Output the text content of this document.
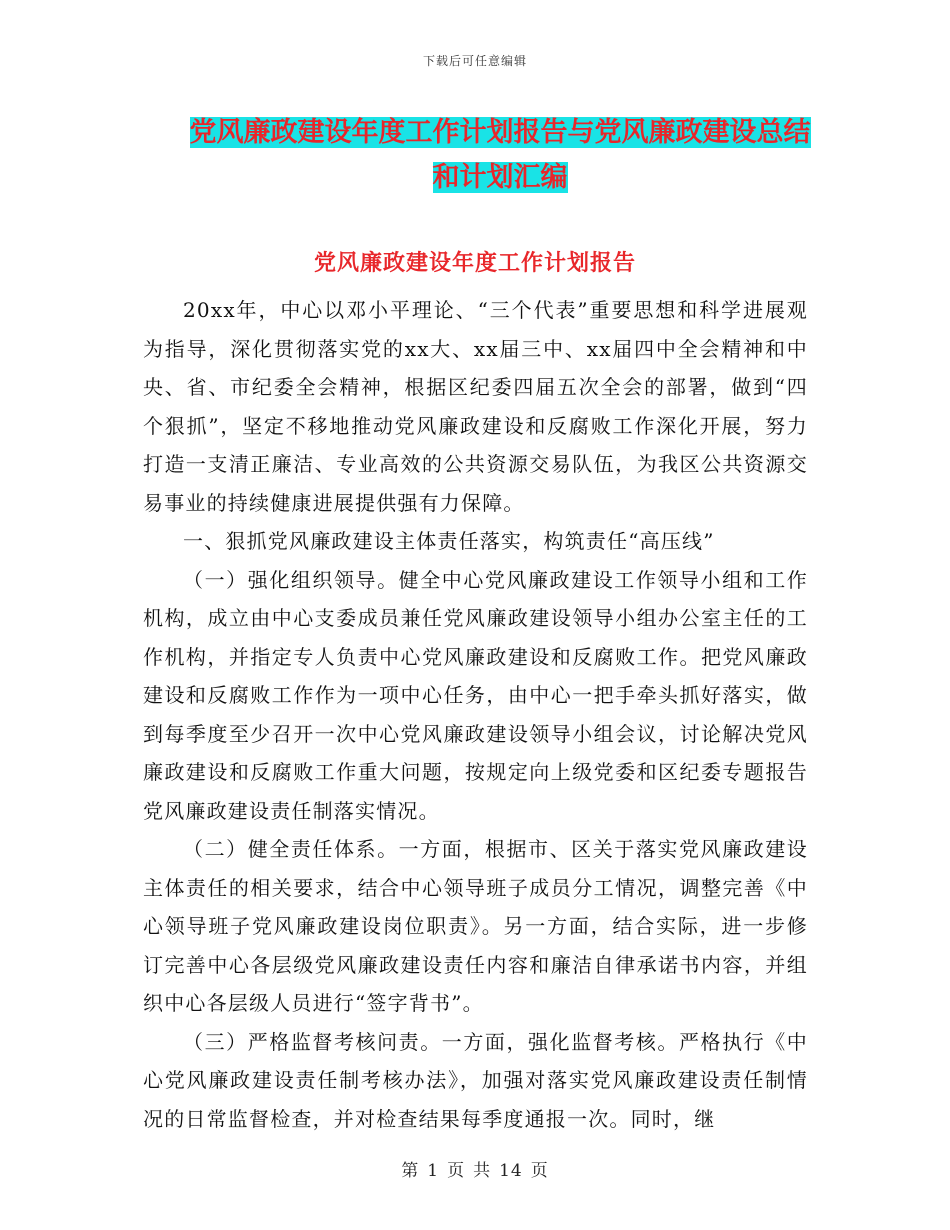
下载后可任意编辑
党风廉政建设年度工作计划报告与党风廉政建设总结
和计划汇编
党风廉政建设年度工作计划报告

20xx年，中心以邓小平理论、“三个代表”重要思想和科学进展观为指导，深化贯彻落实党的xx大、xx届三中、xx届四中全会精神和中央、省、市纪委全会精神，根据区纪委四届五次全会的部署，做到“四个狠抓”，坚定不移地推动党风廉政建设和反腐败工作深化开展，努力打造一支清正廉洁、专业高效的公共资源交易队伍，为我区公共资源交易事业的持续健康进展提供强有力保障。

一、狠抓党风廉政建设主体责任落实，构筑责任“高压线”

（一）强化组织领导。健全中心党风廉政建设工作领导小组和工作机构，成立由中心支委成员兼任党风廉政建设领导小组办公室主任的工作机构，并指定专人负责中心党风廉政建设和反腐败工作。把党风廉政建设和反腐败工作作为一项中心任务，由中心一把手牵头抓好落实，做到每季度至少召开一次中心党风廉政建设领导小组会议，讨论解决党风廉政建设和反腐败工作重大问题，按规定向上级党委和区纪委专题报告党风廉政建设责任制落实情况。

（二）健全责任体系。一方面，根据市、区关于落实党风廉政建设主体责任的相关要求，结合中心领导班子成员分工情况，调整完善《中心领导班子党风廉政建设岗位职责》。另一方面，结合实际，进一步修订完善中心各层级党风廉政建设责任内容和廉洁自律承诺书内容，并组织中心各层级人员进行“签字背书”。

（三）严格监督考核问责。一方面，强化监督考核。严格执行《中心党风廉政建设责任制考核办法》，加强对落实党风廉政建设责任制情况的日常监督检查，并对检查结果每季度通报一次。同时，继

第 1 页 共 14 页
